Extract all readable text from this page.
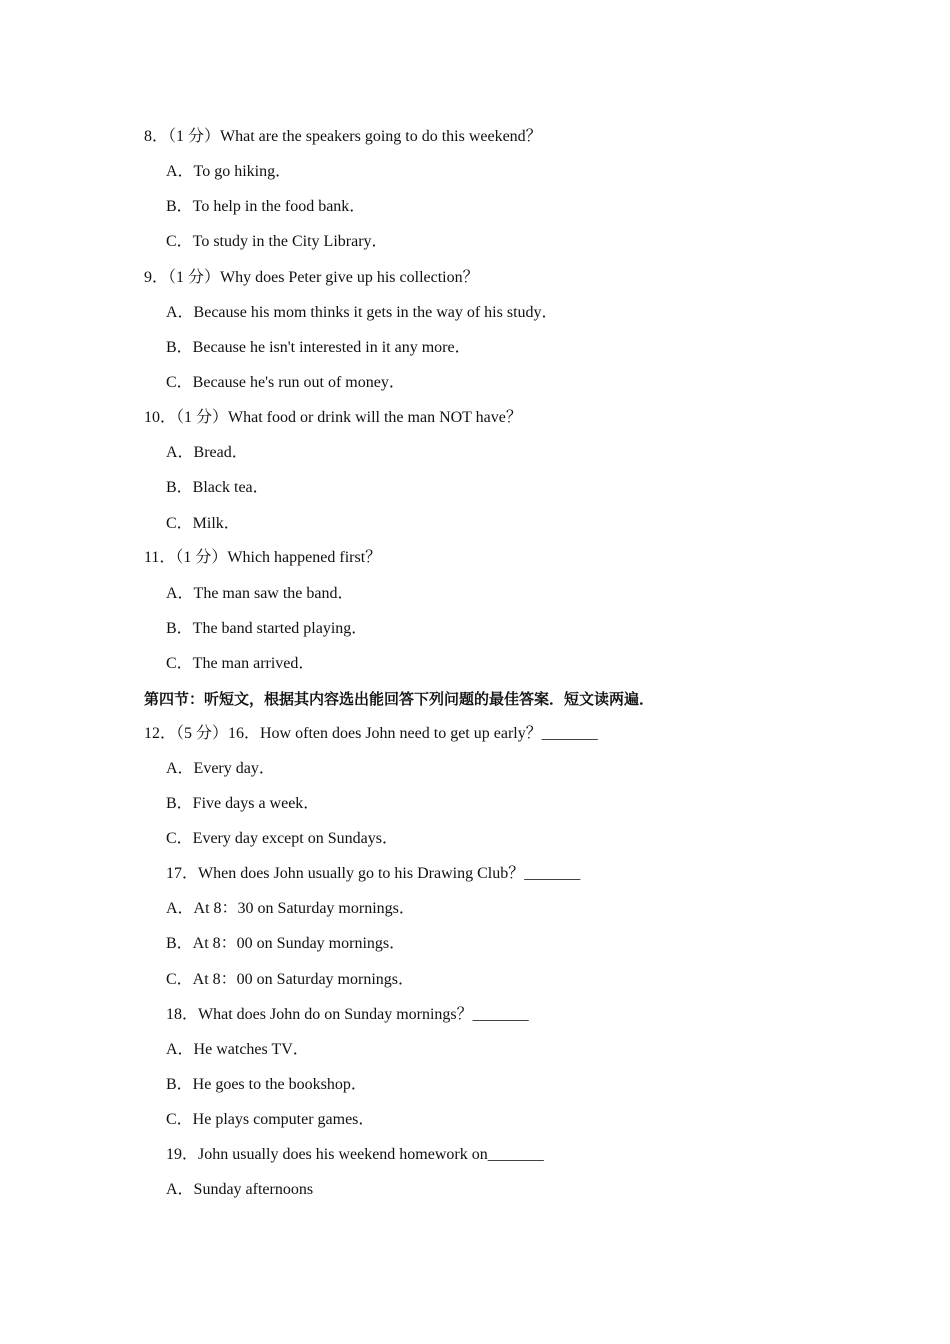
8．（1 分）What are the speakers going to do this weekend？
A．To go hiking．
B．To help in the food bank．
C．To study in the City Library．
9．（1 分）Why does Peter give up his collection？
A．Because his mom thinks it gets in the way of his study．
B．Because he isn't interested in it any more．
C．Because he's run out of money．
10．（1 分）What food or drink will the man NOT have？
A．Bread．
B．Black tea．
C．Milk．
11．（1 分）Which happened first？
A．The man saw the band．
B．The band started playing．
C．The man arrived．
第四节：听短文，根据其内容选出能回答下列问题的最佳答案．短文读两遍．
12．（5 分）16．How often does John need to get up early？_______
A．Every day．
B．Five days a week．
C．Every day except on Sundays．
17．When does John usually go to his Drawing Club？_______
A．At 8：30 on Saturday mornings．
B．At 8：00 on Sunday mornings．
C．At 8：00 on Saturday mornings．
18．What does John do on Sunday mornings？_______
A．He watches TV．
B．He goes to the bookshop．
C．He plays computer games．
19．John usually does his weekend homework on_______
A．Sunday afternoons
